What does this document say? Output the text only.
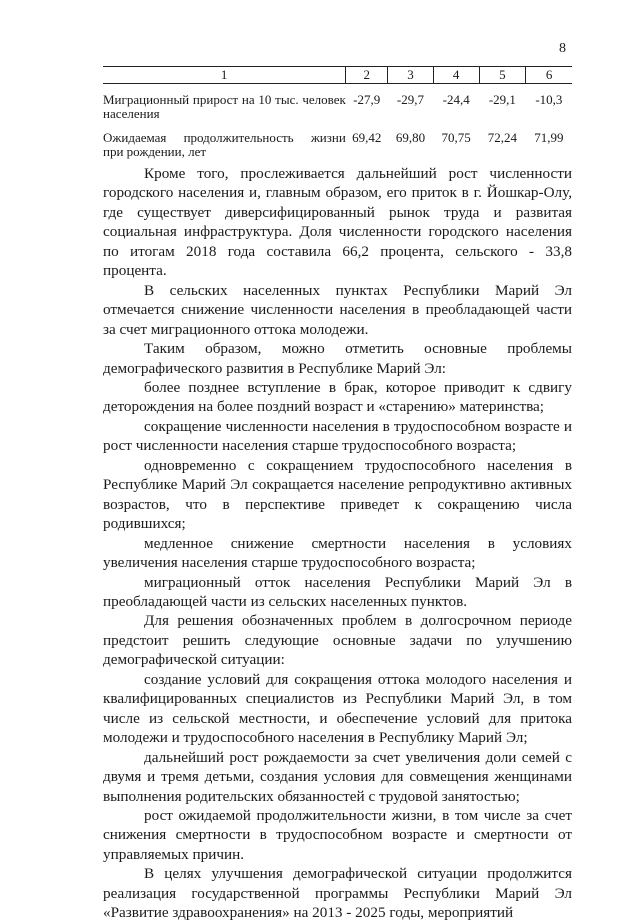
8
1	2	3	4	5	6

Миграционный прирост на 10 тыс. человек
населения	-27,9	-29,7	-24,4	-29,1	-10,3

Ожидаемая продолжительность жизни
при рождении, лет	69,42	69,80	70,75	72,24	71,99

Кроме того, прослеживается дальнейший рост численности городского населения и, главным образом, его приток в г. Йошкар-Олу, где существует диверсифицированный рынок труда и развитая социальная инфраструктура. Доля численности городского населения по итогам 2018 года составила 66,2 процента, сельского - 33,8 процента.

В сельских населенных пунктах Республики Марий Эл отмечается снижение численности населения в преобладающей части за счет миграционного оттока молодежи.

Таким образом, можно отметить основные проблемы демографического развития в Республике Марий Эл:

более позднее вступление в брак, которое приводит к сдвигу деторождения на более поздний возраст и «старению» материнства;

сокращение численности населения в трудоспособном возрасте и рост численности населения старше трудоспособного возраста;

одновременно с сокращением трудоспособного населения в Республике Марий Эл сокращается население репродуктивно активных возрастов, что в перспективе приведет к сокращению числа родившихся;

медленное снижение смертности населения в условиях увеличения населения старше трудоспособного возраста;

миграционный отток населения Республики Марий Эл в преобладающей части из сельских населенных пунктов.

Для решения обозначенных проблем в долгосрочном периоде предстоит решить следующие основные задачи по улучшению демографической ситуации:

создание условий для сокращения оттока молодого населения и квалифицированных специалистов из Республики Марий Эл, в том числе из сельской местности, и обеспечение условий для притока молодежи и трудоспособного населения в Республику Марий Эл;

дальнейший рост рождаемости за счет увеличения доли семей с двумя и тремя детьми, создания условия для совмещения женщинами выполнения родительских обязанностей с трудовой занятостью;

рост ожидаемой продолжительности жизни, в том числе за счет снижения смертности в трудоспособном возрасте и смертности от управляемых причин.

В целях улучшения демографической ситуации продолжится реализация государственной программы Республики Марий Эл «Развитие здравоохранения» на 2013 - 2025 годы, мероприятий
